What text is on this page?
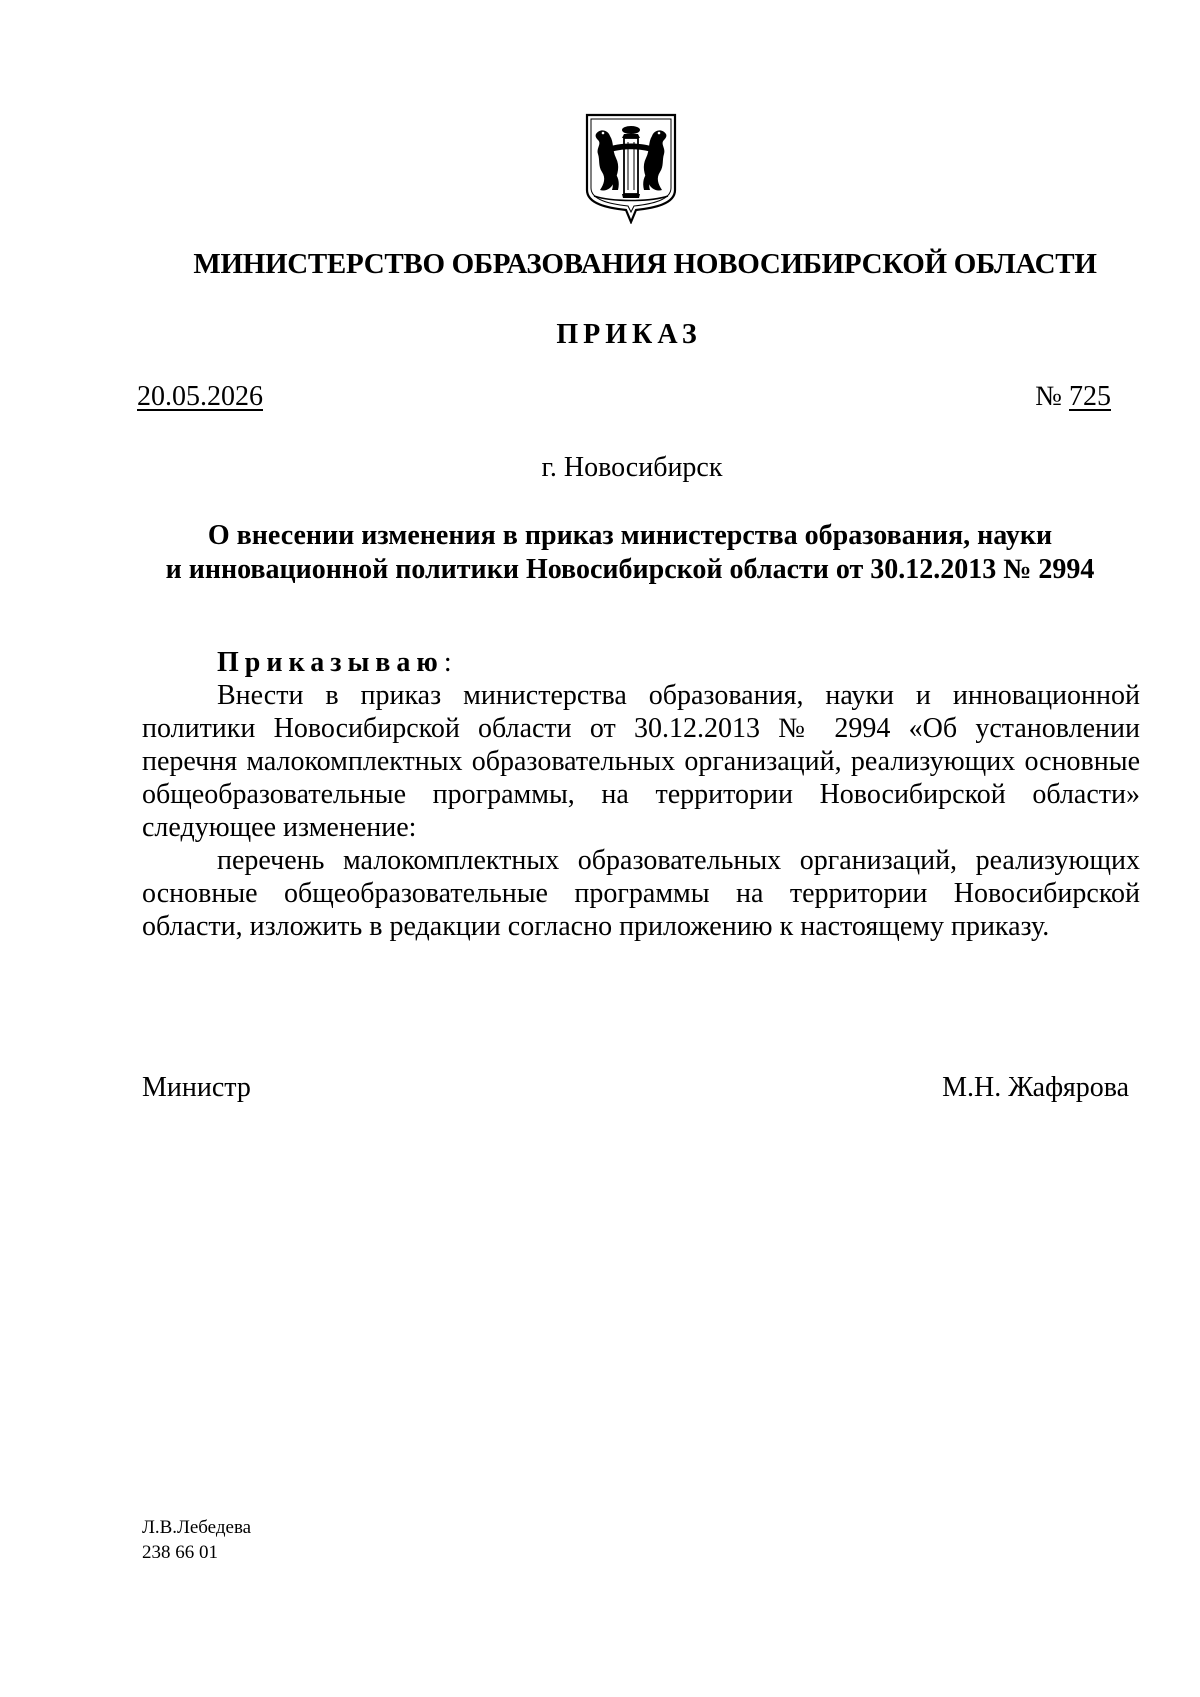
МИНИСТЕРСТВО ОБРАЗОВАНИЯ НОВОСИБИРСКОЙ ОБЛАСТИ
ПРИКАЗ
20.05.2026	№ 725
г. Новосибирск
О внесении изменения в приказ министерства образования, науки
и инновационной политики Новосибирской области от 30.12.2013 № 2994

Приказываю:

Внести в приказ министерства образования, науки и инновационной политики Новосибирской области от 30.12.2013 № 2994 «Об установлении перечня малокомплектных образовательных организаций, реализующих основные общеобразовательные программы, на территории Новосибирской области» следующее изменение:

перечень малокомплектных образовательных организаций, реализующих основные общеобразовательные программы на территории Новосибирской области, изложить в редакции согласно приложению к настоящему приказу.

Министр	М.Н. Жафярова
Л.В.Лебедева
238 66 01
